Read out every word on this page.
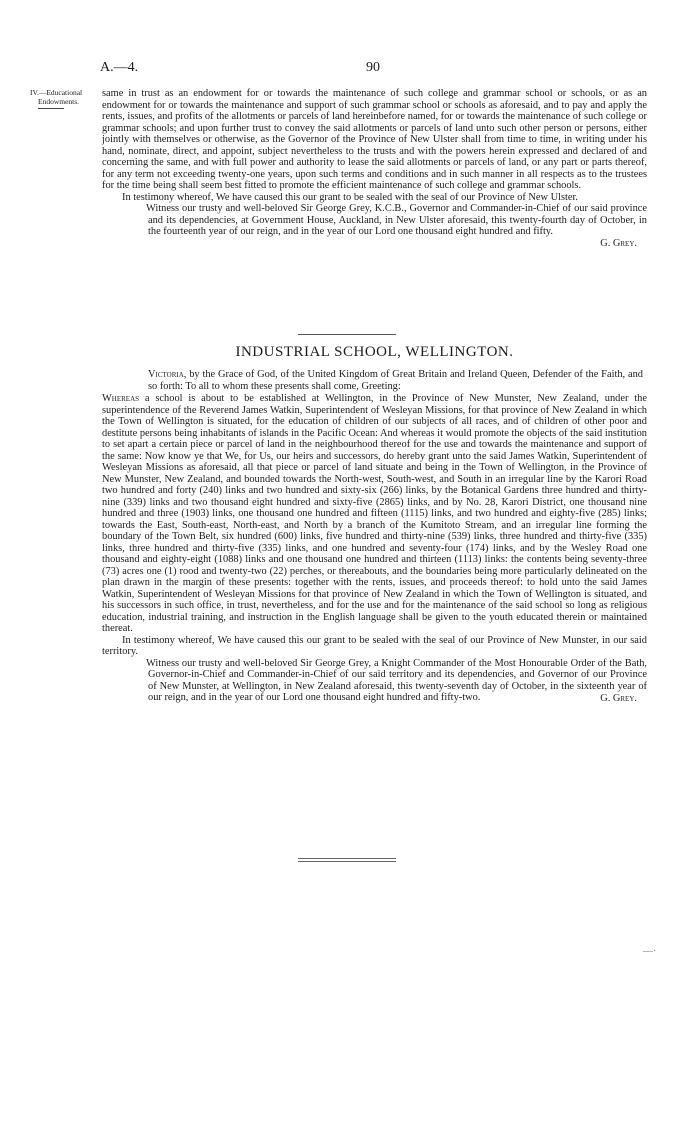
A.—4.	90
IV.—Educational
Endowments.

same in trust as an endowment for or towards the maintenance of such college and grammar school or schools, or as an endowment for or towards the maintenance and support of such grammar school or schools as aforesaid, and to pay and apply the rents, issues, and profits of the allotments or parcels of land hereinbefore named, for or towards the maintenance of such college or grammar schools; and upon further trust to convey the said allotments or parcels of land unto such other person or persons, either jointly with themselves or otherwise, as the Governor of the Province of New Ulster shall from time to time, in writing under his hand, nominate, direct, and appoint, subject nevertheless to the trusts and with the powers herein expressed and declared of and concerning the same, and with full power and authority to lease the said allotments or parcels of land, or any part or parts thereof, for any term not exceeding twenty-one years, upon such terms and conditions and in such manner in all respects as to the trustees for the time being shall seem best fitted to promote the efficient maintenance of such college and grammar schools.

In testimony whereof, We have caused this our grant to be sealed with the seal of our Province of New Ulster.

Witness our trusty and well-beloved Sir George Grey, K.C.B., Governor and Commander-in-Chief of our said province and its dependencies, at Government House, Auckland, in New Ulster aforesaid, this twenty-fourth day of October, in the fourteenth year of our reign, and in the year of our Lord one thousand eight hundred and fifty.

G. Grey.

INDUSTRIAL SCHOOL, WELLINGTON.

Victoria, by the Grace of God, of the United Kingdom of Great Britain and Ireland Queen, Defender of the Faith, and so forth: To all to whom these presents shall come, Greeting:

Whereas a school is about to be established at Wellington, in the Province of New Munster, New Zealand, under the superintendence of the Reverend James Watkin, Superintendent of Wesleyan Missions, for that province of New Zealand in which the Town of Wellington is situated, for the education of children of our subjects of all races, and of children of other poor and destitute persons being inhabitants of islands in the Pacific Ocean: And whereas it would promote the objects of the said institution to set apart a certain piece or parcel of land in the neighbourhood thereof for the use and towards the maintenance and support of the same: Now know ye that We, for Us, our heirs and successors, do hereby grant unto the said James Watkin, Superintendent of Wesleyan Missions as aforesaid, all that piece or parcel of land situate and being in the Town of Wellington, in the Province of New Munster, New Zealand, and bounded towards the North-west, South-west, and South in an irregular line by the Karori Road two hundred and forty (240) links and two hundred and sixty-six (266) links, by the Botanical Gardens three hundred and thirty-nine (339) links and two thousand eight hundred and sixty-five (2865) links, and by No. 28, Karori District, one thousand nine hundred and three (1903) links, one thousand one hundred and fifteen (1115) links, and two hundred and eighty-five (285) links; towards the East, South-east, North-east, and North by a branch of the Kumitoto Stream, and an irregular line forming the boundary of the Town Belt, six hundred (600) links, five hundred and thirty-nine (539) links, three hundred and thirty-five (335) links, three hundred and thirty-five (335) links, and one hundred and seventy-four (174) links, and by the Wesley Road one thousand and eighty-eight (1088) links and one thousand one hundred and thirteen (1113) links: the contents being seventy-three (73) acres one (1) rood and twenty-two (22) perches, or thereabouts, and the boundaries being more particularly delineated on the plan drawn in the margin of these presents: together with the rents, issues, and proceeds thereof: to hold unto the said James Watkin, Superintendent of Wesleyan Missions for that province of New Zealand in which the Town of Wellington is situated, and his successors in such office, in trust, nevertheless, and for the use and for the maintenance of the said school so long as religious education, industrial training, and instruction in the English language shall be given to the youth educated therein or maintained thereat.

In testimony whereof, We have caused this our grant to be sealed with the seal of our Province of New Munster, in our said territory.

Witness our trusty and well-beloved Sir George Grey, a Knight Commander of the Most Honourable Order of the Bath, Governor-in-Chief and Commander-in-Chief of our said territory and its dependencies, and Governor of our Province of New Munster, at Wellington, in New Zealand aforesaid, this twenty-seventh day of October, in the sixteenth year of our reign, and in the year of our Lord one thousand eight hundred and fifty-two.	G. Grey.

—·
